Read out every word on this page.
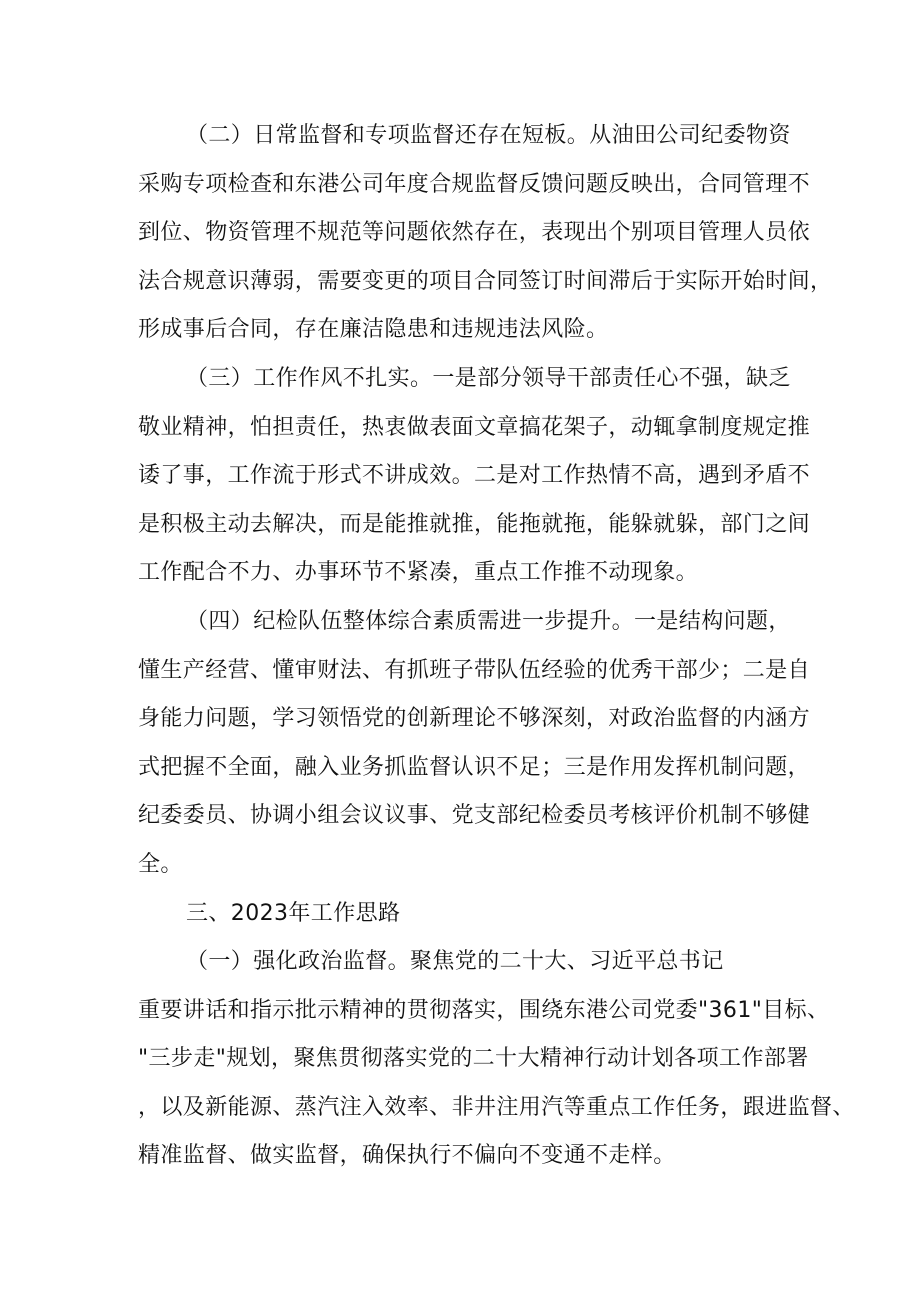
（二）日常监督和专项监督还存在短板。从油田公司纪委物资
采购专项检查和东港公司年度合规监督反馈问题反映出，合同管理不
到位、物资管理不规范等问题依然存在，表现出个别项目管理人员依
法合规意识薄弱，需要变更的项目合同签订时间滞后于实际开始时间，
形成事后合同，存在廉洁隐患和违规违法风险。
（三）工作作风不扎实。一是部分领导干部责任心不强，缺乏
敬业精神，怕担责任，热衷做表面文章搞花架子，动辄拿制度规定推
诿了事，工作流于形式不讲成效。二是对工作热情不高，遇到矛盾不
是积极主动去解决，而是能推就推，能拖就拖，能躲就躲，部门之间
工作配合不力、办事环节不紧凑，重点工作推不动现象。
（四）纪检队伍整体综合素质需进一步提升。一是结构问题，
懂生产经营、懂审财法、有抓班子带队伍经验的优秀干部少；二是自
身能力问题，学习领悟党的创新理论不够深刻，对政治监督的内涵方
式把握不全面，融入业务抓监督认识不足；三是作用发挥机制问题，
纪委委员、协调小组会议议事、党支部纪检委员考核评价机制不够健
全。
三、2023年工作思路
（一）强化政治监督。聚焦党的二十大、习近平总书记
重要讲话和指示批示精神的贯彻落实，围绕东港公司党委"361"目标、
"三步走"规划，聚焦贯彻落实党的二十大精神行动计划各项工作部署
，以及新能源、蒸汽注入效率、非井注用汽等重点工作任务，跟进监督、
精准监督、做实监督，确保执行不偏向不变通不走样。
